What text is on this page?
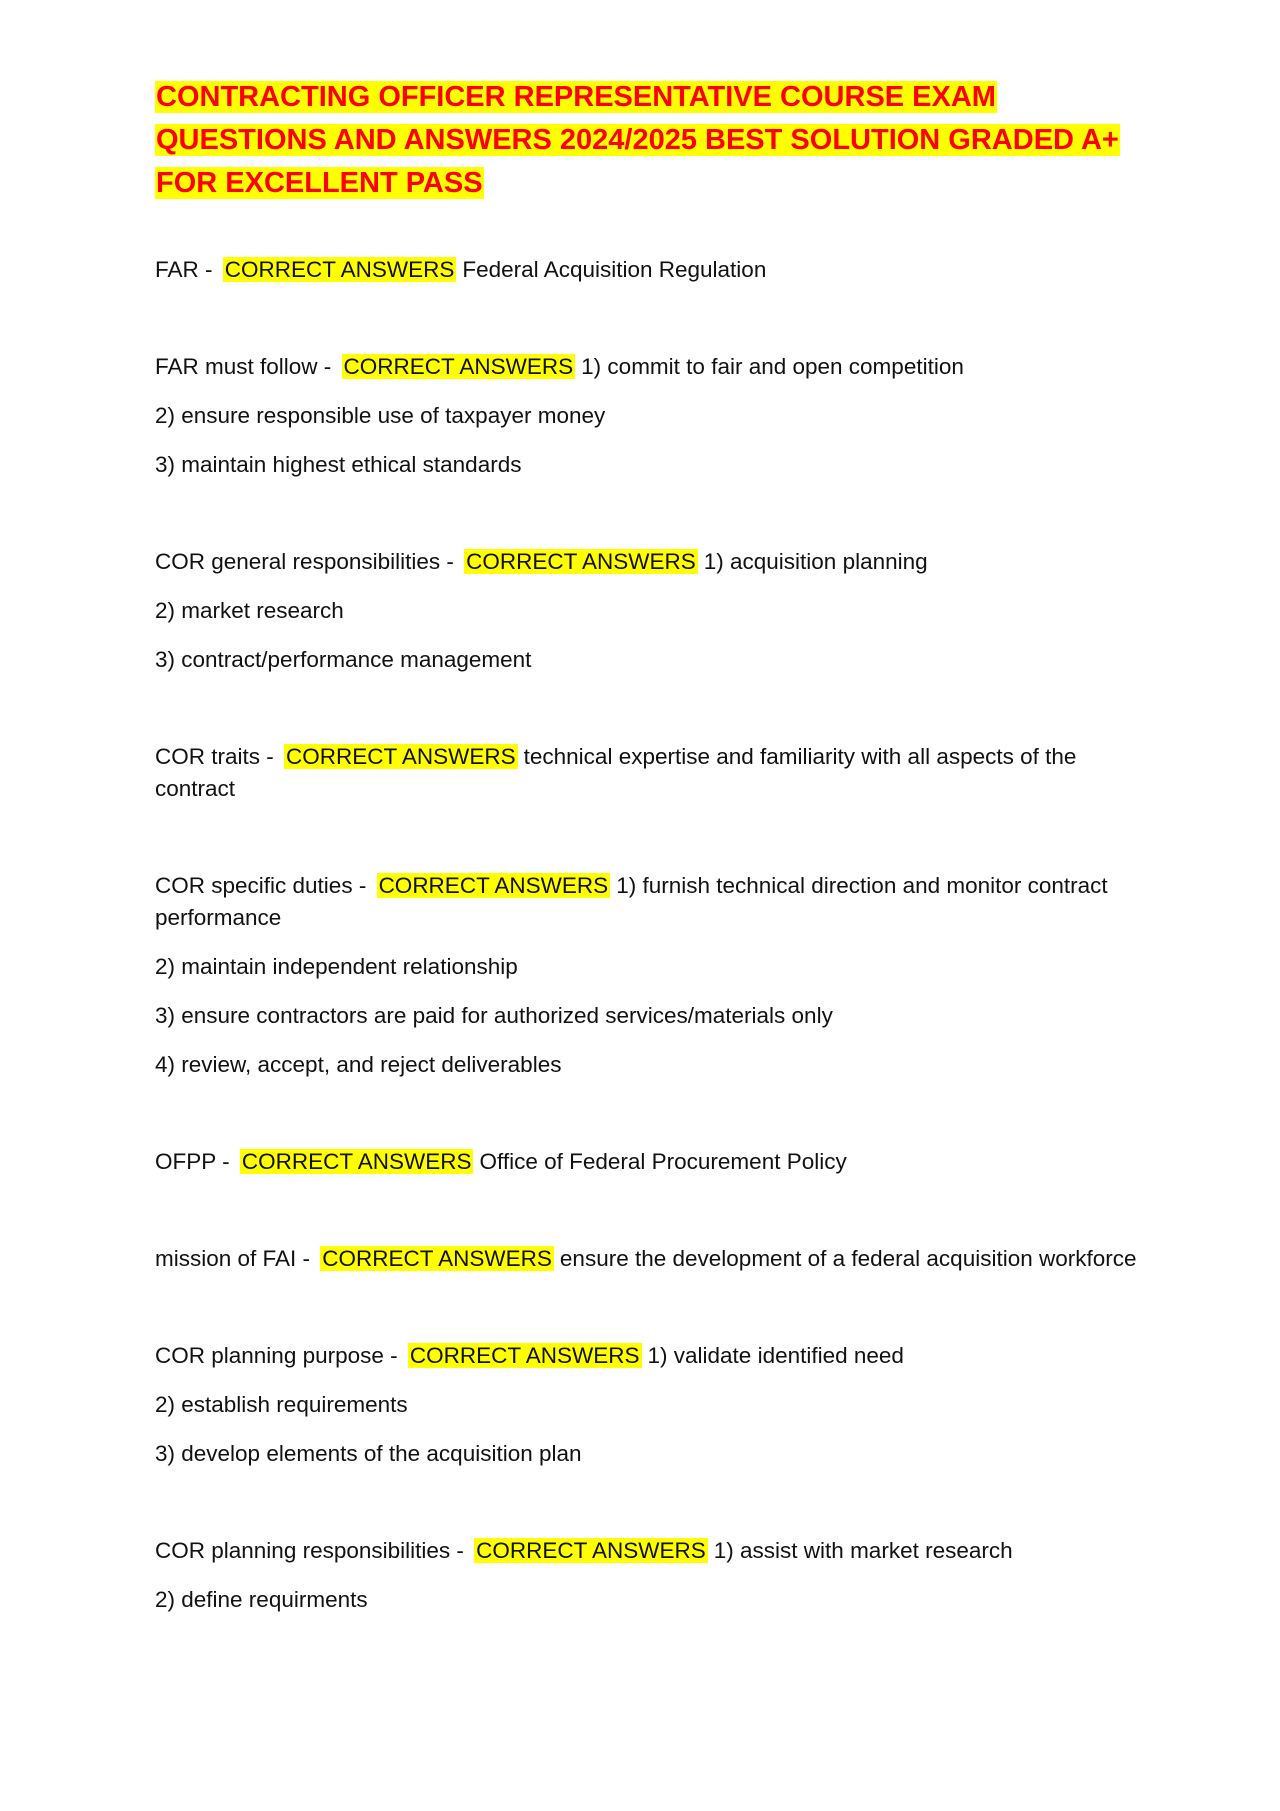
CONTRACTING OFFICER REPRESENTATIVE COURSE EXAM
QUESTIONS AND ANSWERS 2024/2025 BEST SOLUTION GRADED A+
FOR EXCELLENT PASS

FAR - CORRECT ANSWERS Federal Acquisition Regulation

FAR must follow - CORRECT ANSWERS 1) commit to fair and open competition

2) ensure responsible use of taxpayer money

3) maintain highest ethical standards

COR general responsibilities - CORRECT ANSWERS 1) acquisition planning

2) market research

3) contract/performance management

COR traits - CORRECT ANSWERS technical expertise and familiarity with all aspects of the contract

COR specific duties - CORRECT ANSWERS 1) furnish technical direction and monitor contract performance

2) maintain independent relationship

3) ensure contractors are paid for authorized services/materials only

4) review, accept, and reject deliverables

OFPP - CORRECT ANSWERS Office of Federal Procurement Policy

mission of FAI - CORRECT ANSWERS ensure the development of a federal acquisition workforce

COR planning purpose - CORRECT ANSWERS 1) validate identified need

2) establish requirements

3) develop elements of the acquisition plan

COR planning responsibilities - CORRECT ANSWERS 1) assist with market research

2) define requirments
